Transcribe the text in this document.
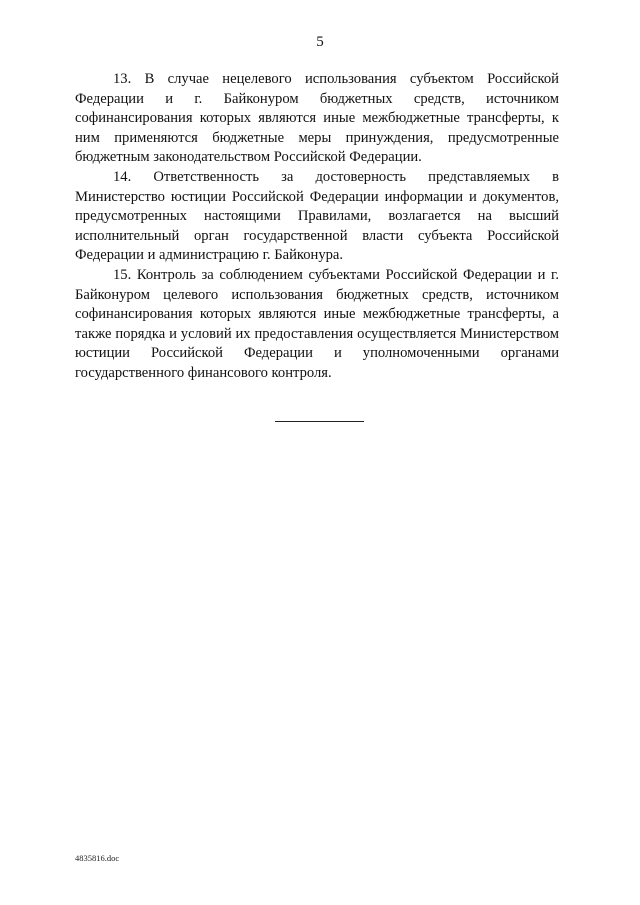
5

13. В случае нецелевого использования субъектом Российской Федерации и г. Байконуром бюджетных средств, источником софинансирования которых являются иные межбюджетные трансферты, к ним применяются бюджетные меры принуждения, предусмотренные бюджетным законодательством Российской Федерации.

14. Ответственность за достоверность представляемых в Министерство юстиции Российской Федерации информации и документов, предусмотренных настоящими Правилами, возлагается на высший исполнительный орган государственной власти субъекта Российской Федерации и администрацию г. Байконура.

15. Контроль за соблюдением субъектами Российской Федерации и г. Байконуром целевого использования бюджетных средств, источником софинансирования которых являются иные межбюджетные трансферты, а также порядка и условий их предоставления осуществляется Министерством юстиции Российской Федерации и уполномоченными органами государственного финансового контроля.

4835816.doc
